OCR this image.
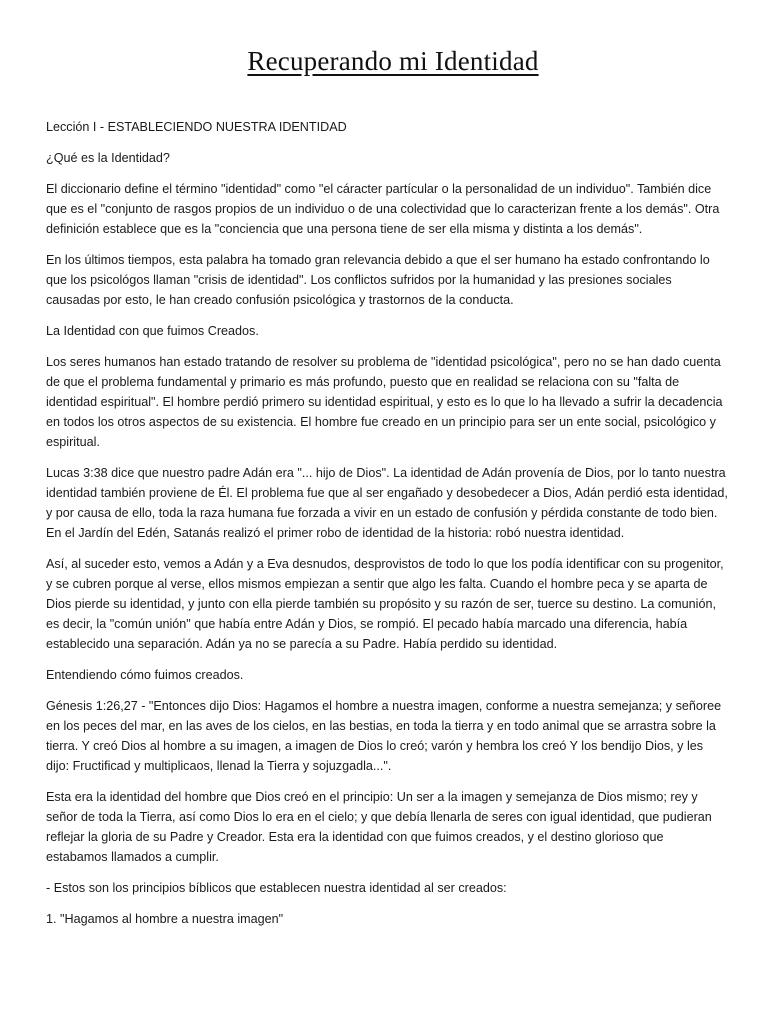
Recuperando mi Identidad

Lección I - ESTABLECIENDO NUESTRA IDENTIDAD

¿Qué es la Identidad?

El diccionario define el término "identidad" como "el cáracter partícular o la personalidad de un individuo". También dice que es el "conjunto de rasgos propios de un individuo o de una colectividad que lo caracterizan frente a los demás". Otra definición establece que es la "conciencia que una persona tiene de ser ella misma y distinta a los demás".

En los últimos tiempos, esta palabra ha tomado gran relevancia debido a que el ser humano ha estado confrontando lo que los psicológos llaman "crisis de identidad". Los conflictos sufridos por la humanidad y las presiones sociales causadas por esto, le han creado confusión psicológica y trastornos de la conducta.

La Identidad con que fuimos Creados.

Los seres humanos han estado tratando de resolver su problema de "identidad psicológica", pero no se han dado cuenta de que el problema fundamental y primario es más profundo, puesto que en realidad se relaciona con su "falta de identidad espiritual". El hombre perdió primero su identidad espiritual, y esto es lo que lo ha llevado a sufrir la decadencia en todos los otros aspectos de su existencia. El hombre fue creado en un principio para ser un ente social, psicológico y espiritual.

Lucas 3:38 dice que nuestro padre Adán era "... hijo de Dios". La identidad de Adán provenía de Dios, por lo tanto nuestra identidad también proviene de Él. El problema fue que al ser engañado y desobedecer a Dios, Adán perdió esta identidad, y por causa de ello, toda la raza humana fue forzada a vivir en un estado de confusión y pérdida constante de todo bien. En el Jardín del Edén, Satanás realizó el primer robo de identidad de la historia: robó nuestra identidad.

Así, al suceder esto, vemos a Adán y a Eva desnudos, desprovistos de todo lo que los podía identificar con su progenitor, y se cubren porque al verse, ellos mismos empiezan a sentir que algo les falta. Cuando el hombre peca y se aparta de Dios pierde su identidad, y junto con ella pierde también su propósito y su razón de ser, tuerce su destino. La comunión, es decir, la "común unión" que había entre Adán y Dios, se rompió. El pecado había marcado una diferencia, había establecido una separación. Adán ya no se parecía a su Padre. Había perdido su identidad.

Entendiendo cómo fuimos creados.

Génesis 1:26,27 - "Entonces dijo Dios: Hagamos el hombre a nuestra imagen, conforme a nuestra semejanza; y señoree en los peces del mar, en las aves de los cielos, en las bestias, en toda la tierra y en todo animal que se arrastra sobre la tierra. Y creó Dios al hombre a su imagen, a imagen de Dios lo creó; varón y hembra los creó Y los bendijo Dios, y les dijo: Fructificad y multiplicaos, llenad la Tierra y sojuzgadla...".

Esta era la identidad del hombre que Dios creó en el principio: Un ser a la imagen y semejanza de Dios mismo; rey y señor de toda la Tierra, así como Dios lo era en el cielo; y que debía llenarla de seres con igual identidad, que pudieran reflejar la gloria de su Padre y Creador. Esta era la identidad con que fuimos creados, y el destino glorioso que estabamos llamados a cumplir.

- Estos son los principios bíblicos que establecen nuestra identidad al ser creados:

1. "Hagamos al hombre a nuestra imagen"
